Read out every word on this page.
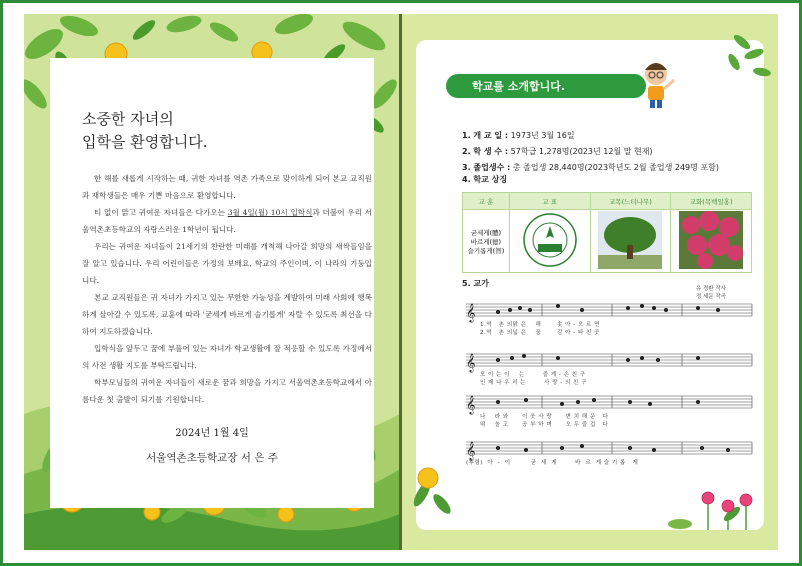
소중한 자녀의
입학을 환영합니다.

한 해를 새롭게 시작하는 때, 귀한 자녀를 역촌 가족으로 맞이하게 되어 본교 교직원과 재학생들은 매우 기쁜 마음으로 환영합니다.

티 없이 맑고 귀여운 자녀들은 다가오는 3월 4일(월) 10시 입학식과 더불어 우리 서울역촌초등학교의 자랑스러운 1학년이 됩니다.

우리는 귀여운 자녀들이 21세기의 찬란한 미래를 개척해 나아갈 희망의 새싹들임을 잘 알고 있습니다. 우리 어린이들은 가정의 보배요, 학교의 주인이며, 이 나라의 기둥입니다.

본교 교직원들은 귀 자녀가 가지고 있는 무한한 가능성을 계발하여 미래 사회에 행복하게 살아갈 수 있도록, 교훈에 따라 '굳세게 바르게 슬기롭게' 자랄 수 있도록 최선을 다하여 지도하겠습니다.

입학식을 앞두고 꿈에 부풀어 있는 자녀가 학교생활에 잘 적응할 수 있도록 가정에서의 사전 생활 지도를 부탁드립니다.

학부모님들의 귀여운 자녀들이 새로운 꿈과 희망을 가지고 서울역촌초등학교에서 아름다운 첫 출발이 되기를 기원합니다.

2024년 1월 4일
서울역촌초등학교장 서 은 주
학교를 소개합니다.
1. 개 교 일 : 1973년 3월 16일
2. 학 생 수 : 57학급 1,278명(2023년 12월 말 현재)
3. 졸업생수 : 총 졸업생 28,440명(2023학년도 2월 졸업생 249명 포함)
4. 학교 상징
교 훈	교 표	교목(느티나무)	교화(목백일홍)

굳세게(體)
바르게(德)
슬기롭게(智)

5. 교가
유 경환 작사
정 세문 작곡
𝄞
𝄞
𝄞
𝄞
1.역   촌 의맑 은    해       솟 아 - 오 르 면
2.역   촌 의넓 은    꿈       감 아 - 타 친 곳
모 이 는 이    는        즐 게 - 손 친 구
인 제 나 우 리 는        사 랑 - 의 친 구
나    라 와      이 웃 사 랑      변 치 해 운   다
뛰    놀 고      공 부 하 며      오 두 즐 겁   다
(후렴)  아  -  이         굳  세  게        바  르  게 슬 기 롭   게
